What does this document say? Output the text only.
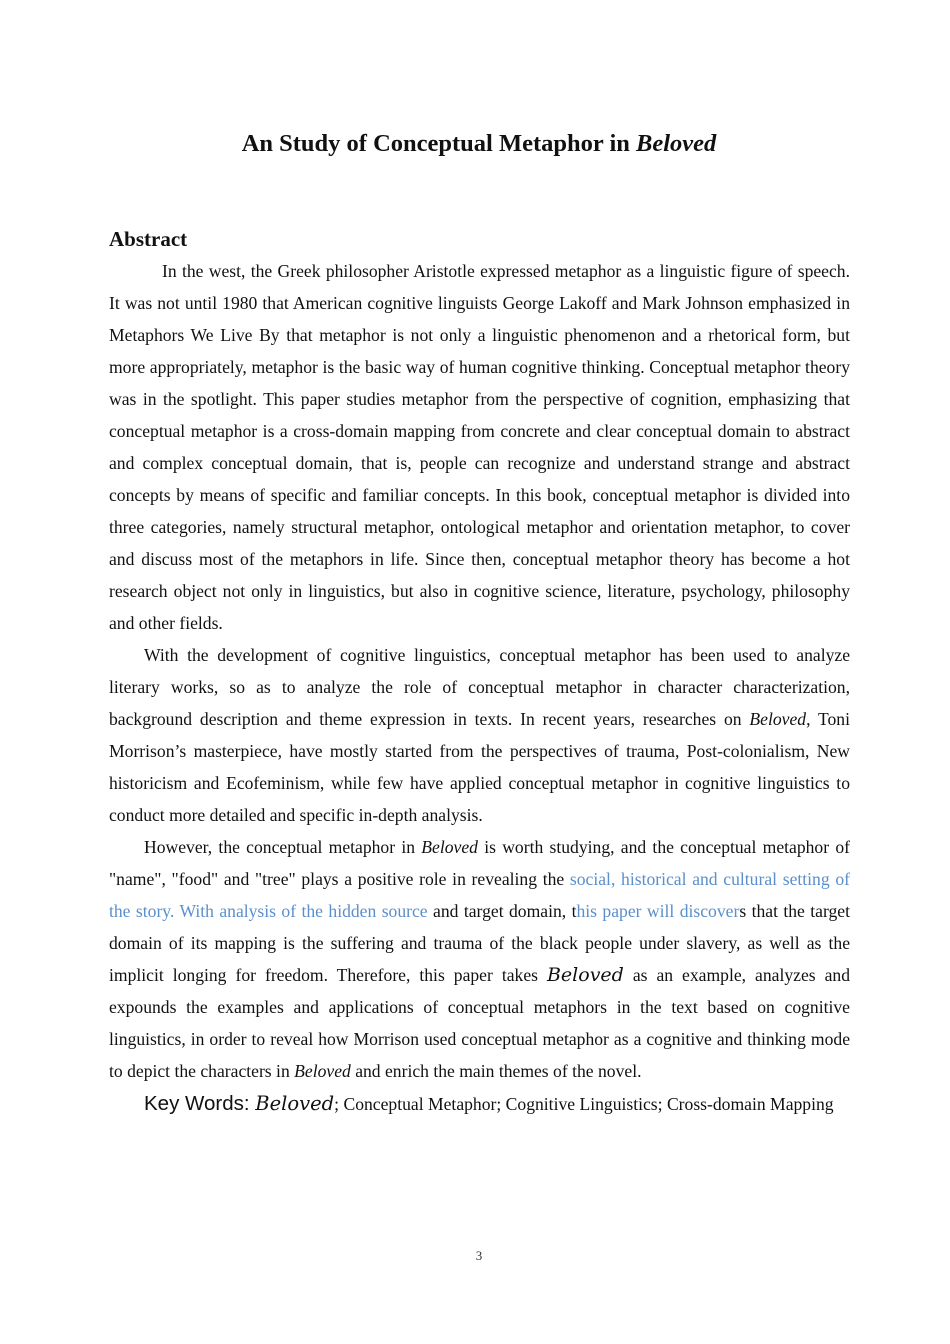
An Study of Conceptual Metaphor in Beloved
Abstract

In the west, the Greek philosopher Aristotle expressed metaphor as a linguistic figure of speech. It was not until 1980 that American cognitive linguists George Lakoff and Mark Johnson emphasized in Metaphors We Live By that metaphor is not only a linguistic phenomenon and a rhetorical form, but more appropriately, metaphor is the basic way of human cognitive thinking. Conceptual metaphor theory was in the spotlight. This paper studies metaphor from the perspective of cognition, emphasizing that conceptual metaphor is a cross-domain mapping from concrete and clear conceptual domain to abstract and complex conceptual domain, that is, people can recognize and understand strange and abstract concepts by means of specific and familiar concepts. In this book, conceptual metaphor is divided into three categories, namely structural metaphor, ontological metaphor and orientation metaphor, to cover and discuss most of the metaphors in life. Since then, conceptual metaphor theory has become a hot research object not only in linguistics, but also in cognitive science, literature, psychology, philosophy and other fields.

With the development of cognitive linguistics, conceptual metaphor has been used to analyze literary works, so as to analyze the role of conceptual metaphor in character characterization, background description and theme expression in texts. In recent years, researches on Beloved, Toni Morrison’s masterpiece, have mostly started from the perspectives of trauma, Post-colonialism, New historicism and Ecofeminism, while few have applied conceptual metaphor in cognitive linguistics to conduct more detailed and specific in-depth analysis.

However, the conceptual metaphor in Beloved is worth studying, and the conceptual metaphor of "name", "food" and "tree" plays a positive role in revealing the social, historical and cultural setting of the story. With analysis of the hidden source and target domain, this paper will discovers that the target domain of its mapping is the suffering and trauma of the black people under slavery, as well as the implicit longing for freedom. Therefore, this paper takes Beloved as an example, analyzes and expounds the examples and applications of conceptual metaphors in the text based on cognitive linguistics, in order to reveal how Morrison used conceptual metaphor as a cognitive and thinking mode to depict the characters in Beloved and enrich the main themes of the novel.

Key Words: Beloved; Conceptual Metaphor; Cognitive Linguistics; Cross-domain Mapping

3
